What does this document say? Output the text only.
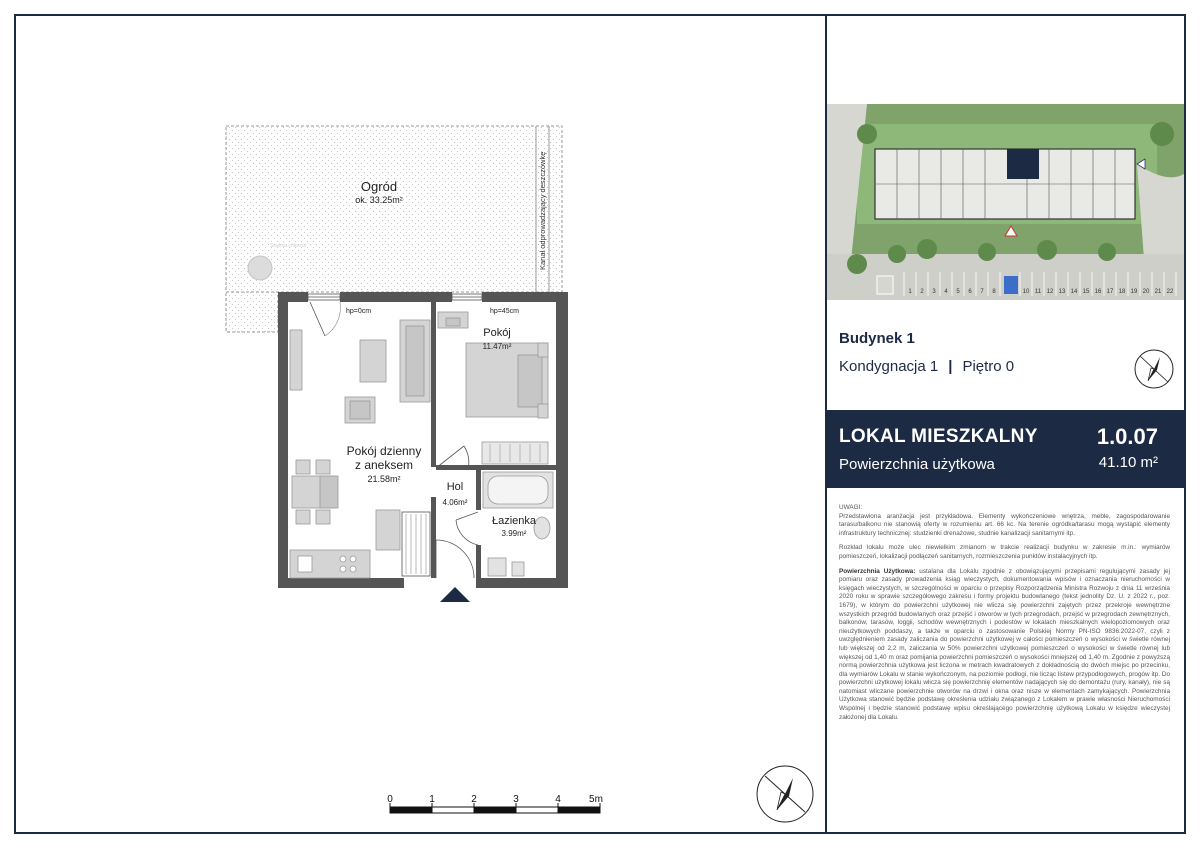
Studnia chłonna
Ogród
ok. 33.25m²	Kanał odprowadzający deszczówkę
hp=0cm	hp=45cm
Pokój
11.47m²
Pokój dzienny
z aneksem
21.58m²
Hol
4.06m²
Łazienka
3.99m²
0	1	2	3	4	5m
1 2 3 4 5 6 7 8	10 11 12 13 14 15 16 17 18 19 20 21 22
Budynek 1
Kondygnacja 1 | Piętro 0
LOKAL MIESZKALNY	1.0.07
Powierzchnia użytkowa	41.10 m²
UWAGI:

Przedstawiona aranżacja jest przykładowa. Elementy wykończeniowe wnętrza, meble, zagospodarowanie tarasu/balkonu nie stanowią oferty w rozumieniu art. 66 kc. Na terenie ogródka/tarasu mogą wystąpić elementy infrastruktury technicznej: studzienki drenażowe, studnie kanalizacji sanitarnymi itp.

Rozkład lokalu może ulec niewielkim zmianom w trakcie realizacji budynku w zakresie m.in.: wymiarów pomieszczeń, lokalizacji podłączeń sanitarnych, rozmieszczenia punktów instalacyjnych itp.

Powierzchnia Użytkowa: ustalana dla Lokalu zgodnie z obowiązującymi przepisami regulującymi zasady jej pomiaru oraz zasady prowadzenia ksiąg wieczystych, dokumentowania wpisów i oznaczania nieruchomości w księgach wieczystych, w szczególności w oparciu o przepisy Rozporządzenia Ministra Rozwoju z dnia 11 września 2020 roku w sprawie szczegółowego zakresu i formy projektu budowlanego (tekst jednolity Dz. U. z 2022 r., poz. 1679), w którym do powierzchni użytkowej nie wlicza się powierzchni zajętych przez przekroje wewnętrzne wszystkich przegród budowlanych oraz przejść i otworów w tych przegrodach, przejść w przegrodach zewnętrznych, balkonów, tarasów, loggii, schodów wewnętrznych i podestów w lokalach mieszkalnych wielopoziomowych oraz nieużytkowych poddaszy, a także w oparciu o zastosowanie Polskiej Normy PN-ISO 9836:2022-07, czyli z uwzględnieniem zasady zaliczania do powierzchni użytkowej w całości pomieszczeń o wysokości w świetle równej lub większej od 2,2 m, zaliczania w 50% powierzchni użytkowej pomieszczeń o wysokości w świetle równej lub większej od 1,40 m oraz pomijania powierzchni pomieszczeń o wysokości mniejszej od 1,40 m. Zgodnie z powyższą normą powierzchnia użytkowa jest liczona w metrach kwadratowych z dokładnością do dwóch miejsc po przecinku, dla wymiarów Lokalu w stanie wykończonym, na poziomie podłogi, nie licząc listew przypodłogowych, progów itp. Do powierzchni użytkowej lokalu wlicza się powierzchnię elementów nadających się do demontażu (rury, kanały), nie są natomiast wliczane powierzchnie otworów na drzwi i okna oraz nisze w elementach zamykających. Powierzchnia Użytkowa stanowić będzie podstawę określenia udziału związanego z Lokalem w prawie własności Nieruchomości Wspólnej i będzie stanowić podstawę wpisu określającego powierzchnię użytkową Lokalu w księdze wieczystej założonej dla Lokalu.
